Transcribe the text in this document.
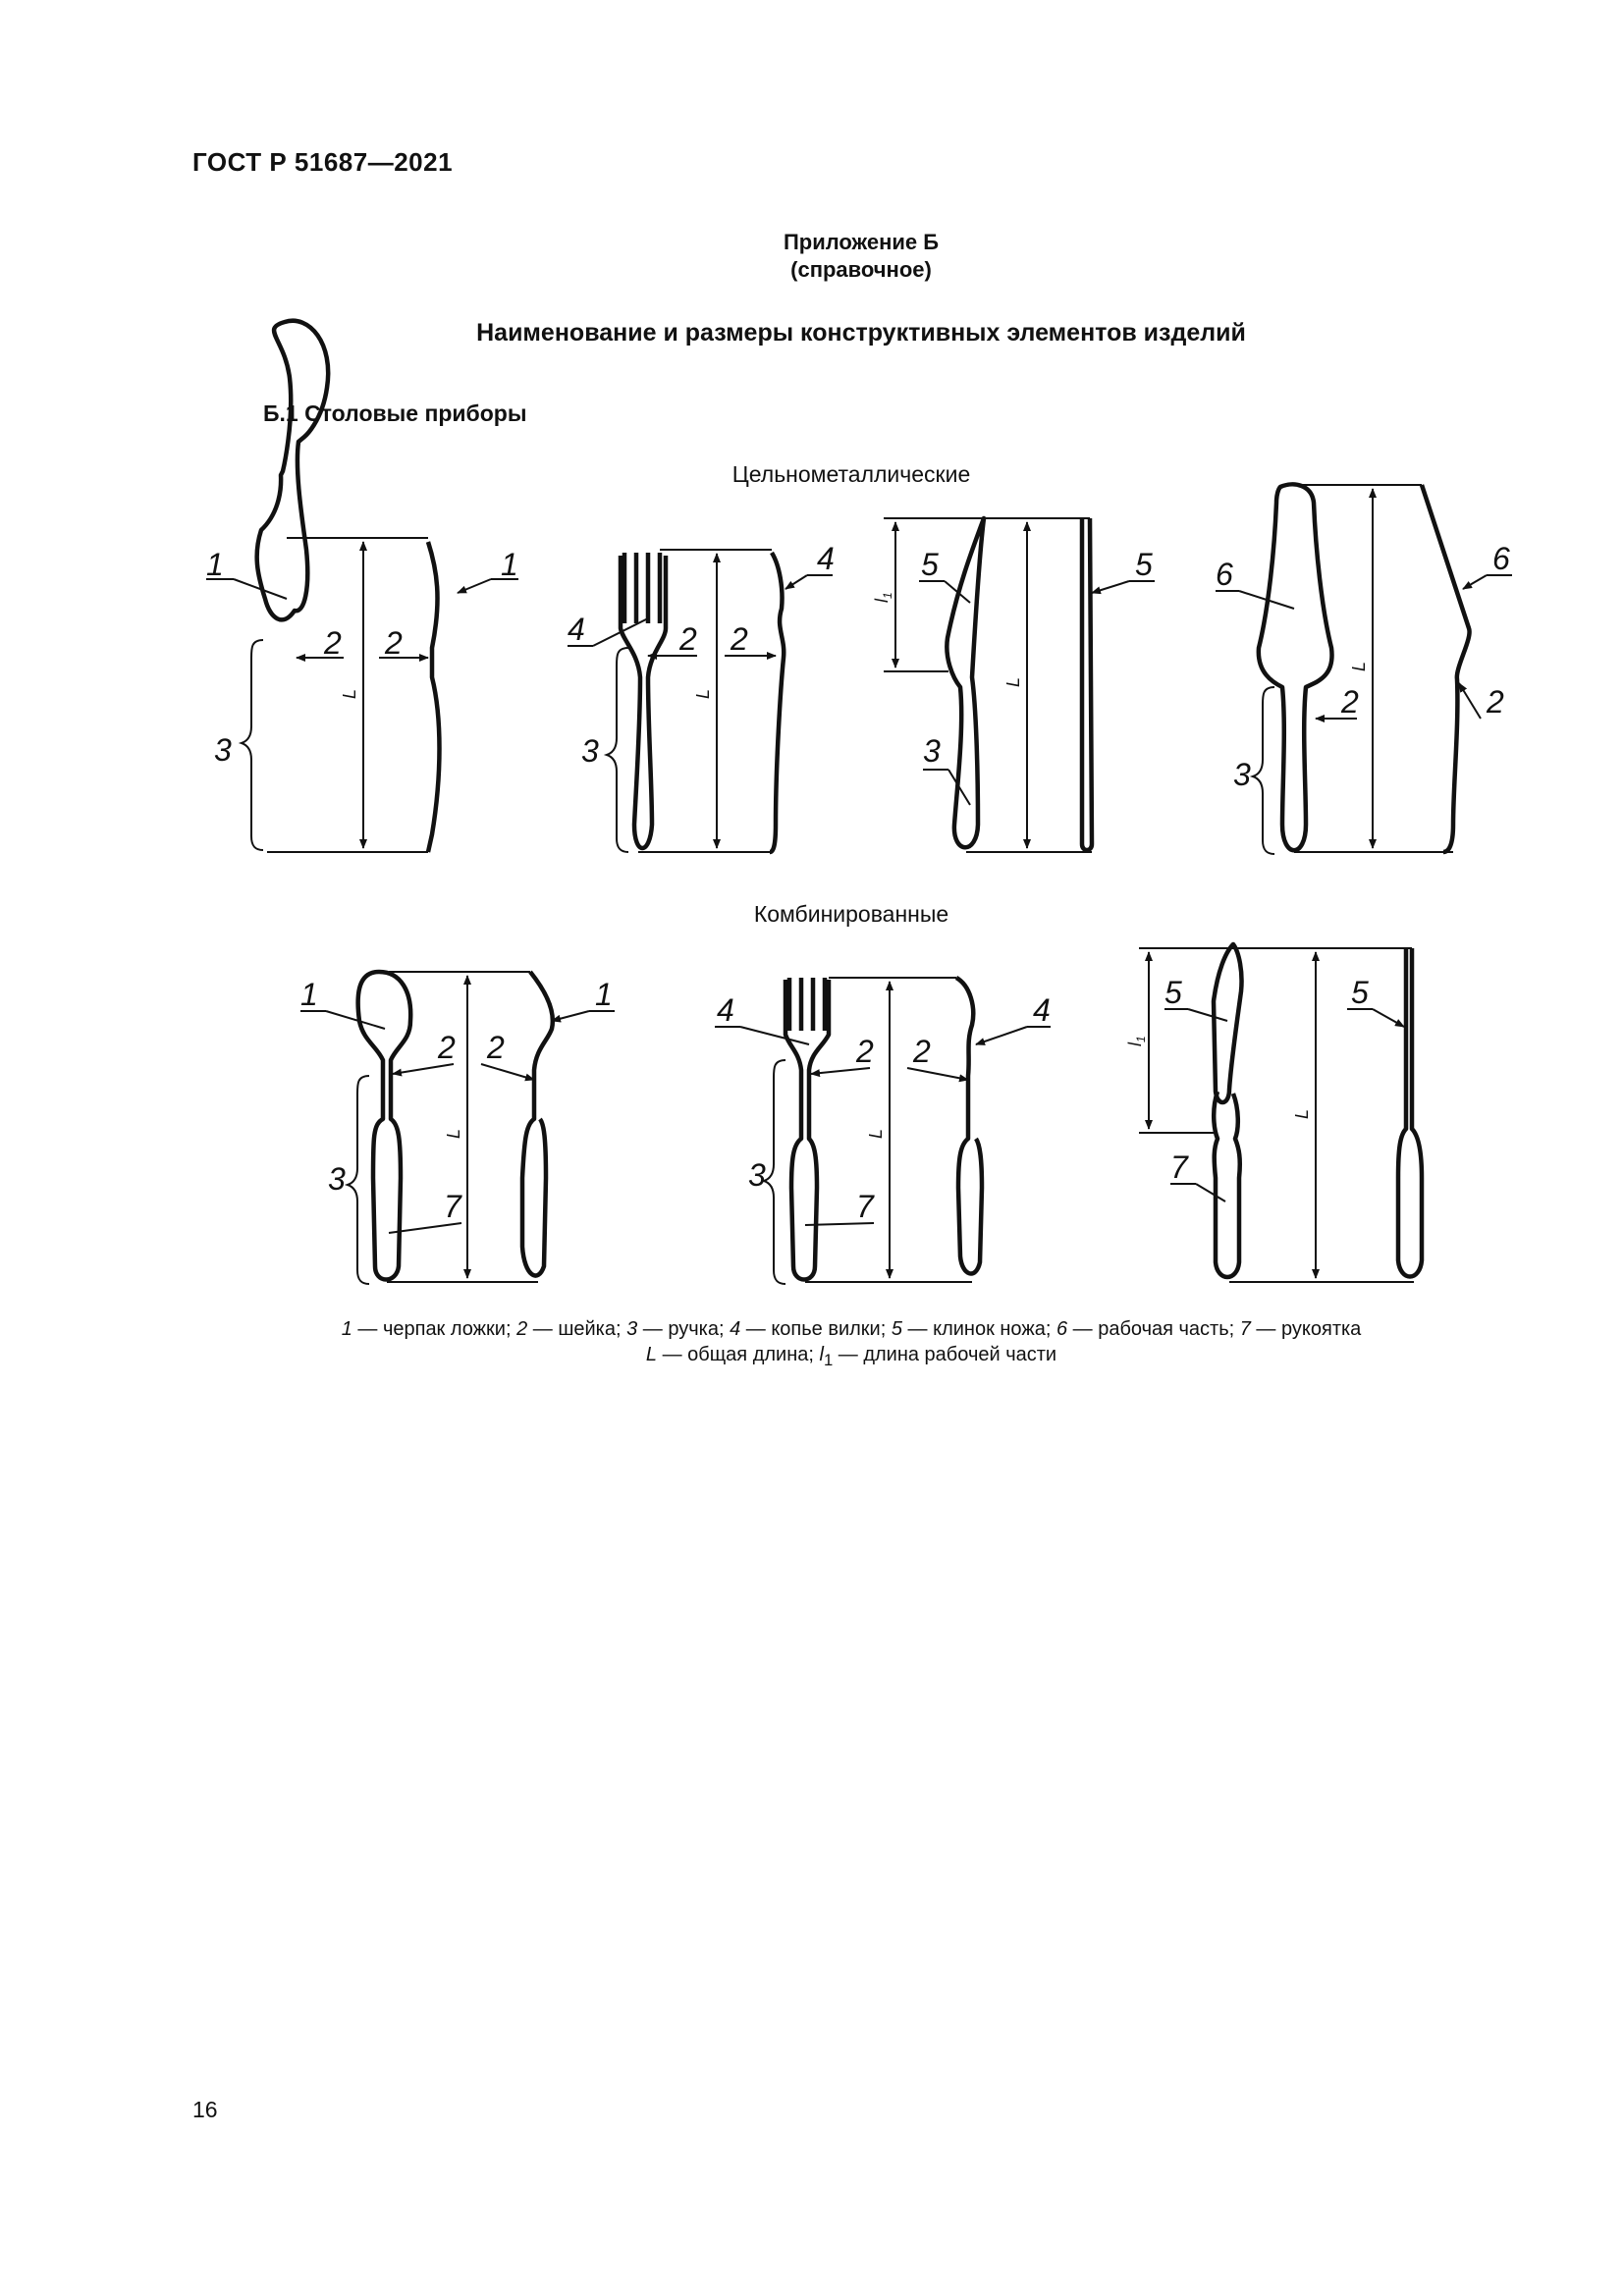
ГОСТ Р 51687—2021
Приложение Б
(справочное)
Наименование и размеры конструктивных элементов изделий
Б.1 Столовые приборы
Цельнометаллические
Комбинированные
L	L
L
L
$l_1$
1
2
3
1
2	4	2
3
4
2
5	5
3
6	6
2	2
3
L	L
L
$l_1$
1
2
3
7
1
2
4
2
3
7
4
2
5	5
7
1 — черпак ложки; 2 — шейка; 3 — ручка; 4 — копье вилки; 5 — клинок ножа; 6 — рабочая часть; 7 — рукоятка
L — общая длина; $l_1$ — длина рабочей части
16
